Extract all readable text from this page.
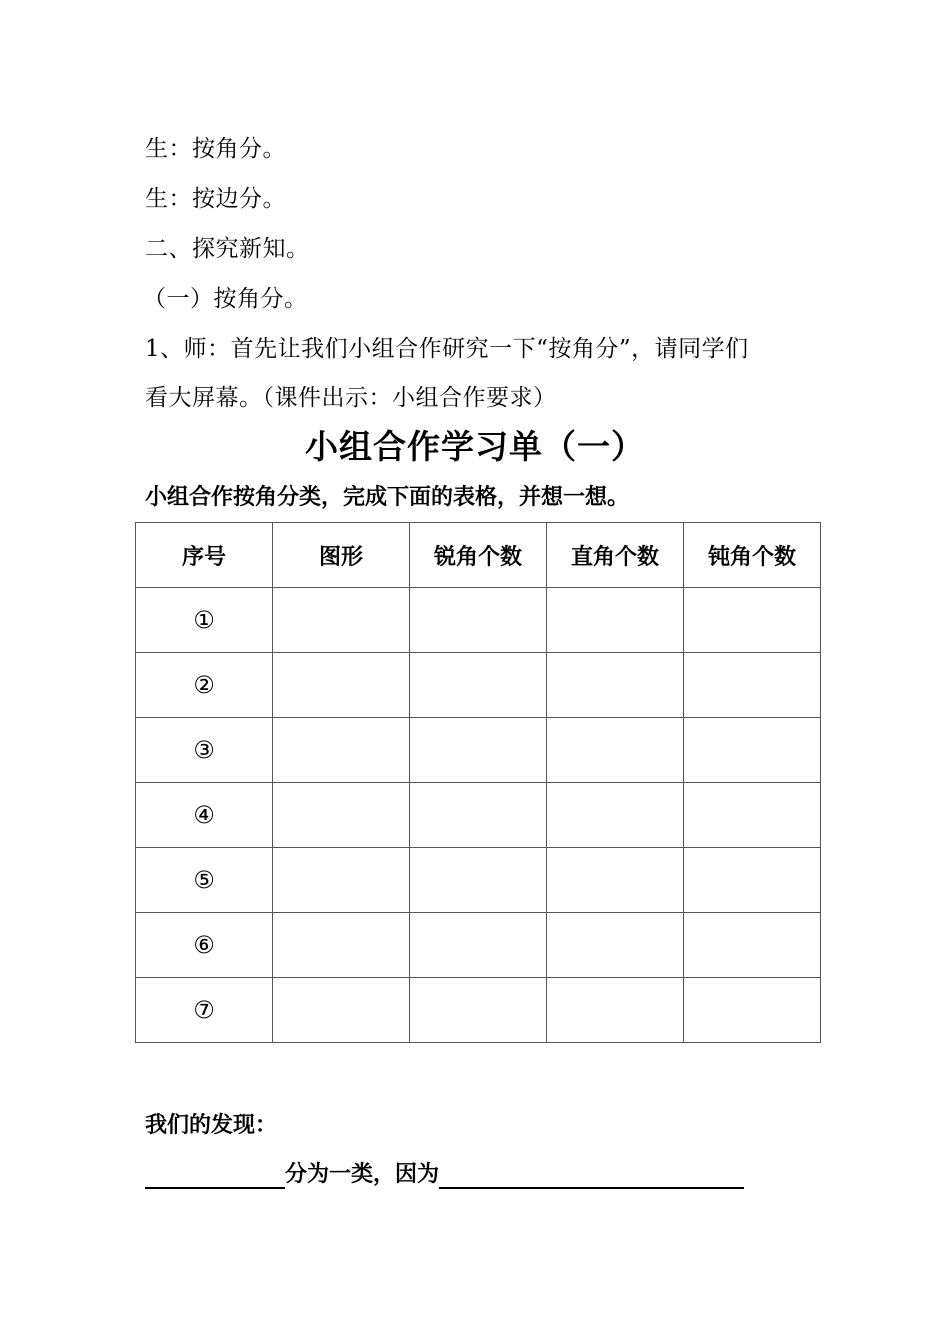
生：按角分。
生：按边分。
二、探究新知。
（一）按角分。
1、师：首先让我们小组合作研究一下“按角分”，请同学们
看大屏幕。（课件出示：小组合作要求）
小组合作学习单（一）
小组合作按角分类，完成下面的表格，并想一想。
序号	图形	锐角个数	直角个数	钝角个数
①				
②				
③				
④				
⑤				
⑥				
⑦				
我们的发现：
分为一类，因为
